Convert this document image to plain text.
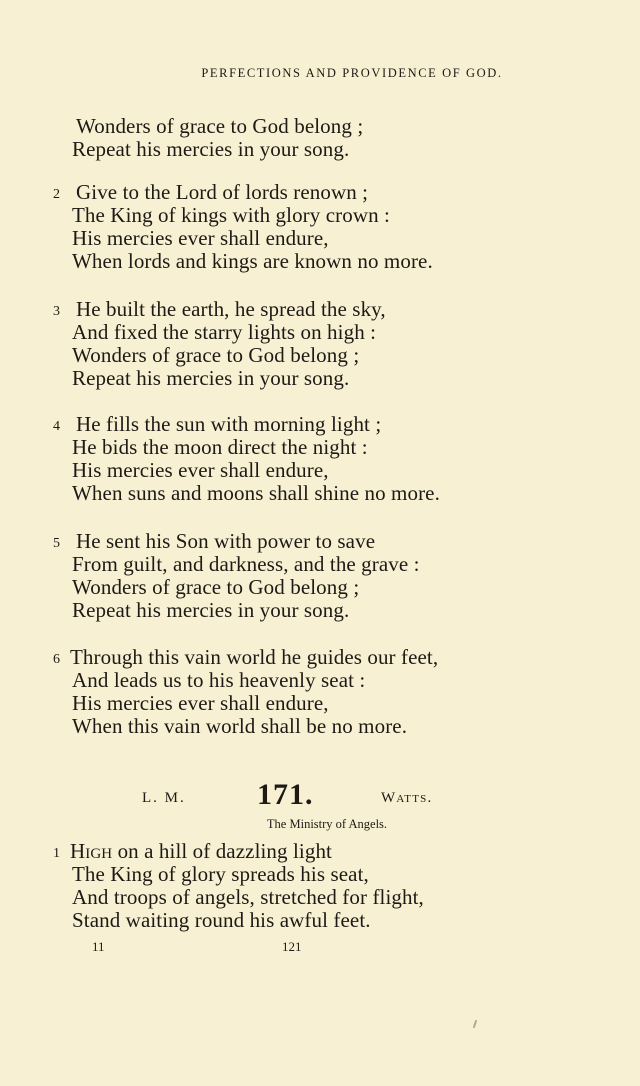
PERFECTIONS AND PROVIDENCE OF GOD.
Wonders of grace to God belong ;
Repeat his mercies in your song.
2 Give to the Lord of lords renown ;
The King of kings with glory crown :
His mercies ever shall endure,
When lords and kings are known no more.
3 He built the earth, he spread the sky,
And fixed the starry lights on high :
Wonders of grace to God belong ;
Repeat his mercies in your song.
4 He fills the sun with morning light ;
He bids the moon direct the night :
His mercies ever shall endure,
When suns and moons shall shine no more.
5 He sent his Son with power to save
From guilt, and darkness, and the grave :
Wonders of grace to God belong ;
Repeat his mercies in your song.
6 Through this vain world he guides our feet,
And leads us to his heavenly seat :
His mercies ever shall endure,
When this vain world shall be no more.
L. M. 171.	Watts.
The Ministry of Angels.
1 High on a hill of dazzling light
The King of glory spreads his seat,
And troops of angels, stretched for flight,
Stand waiting round his awful feet.
11	121
